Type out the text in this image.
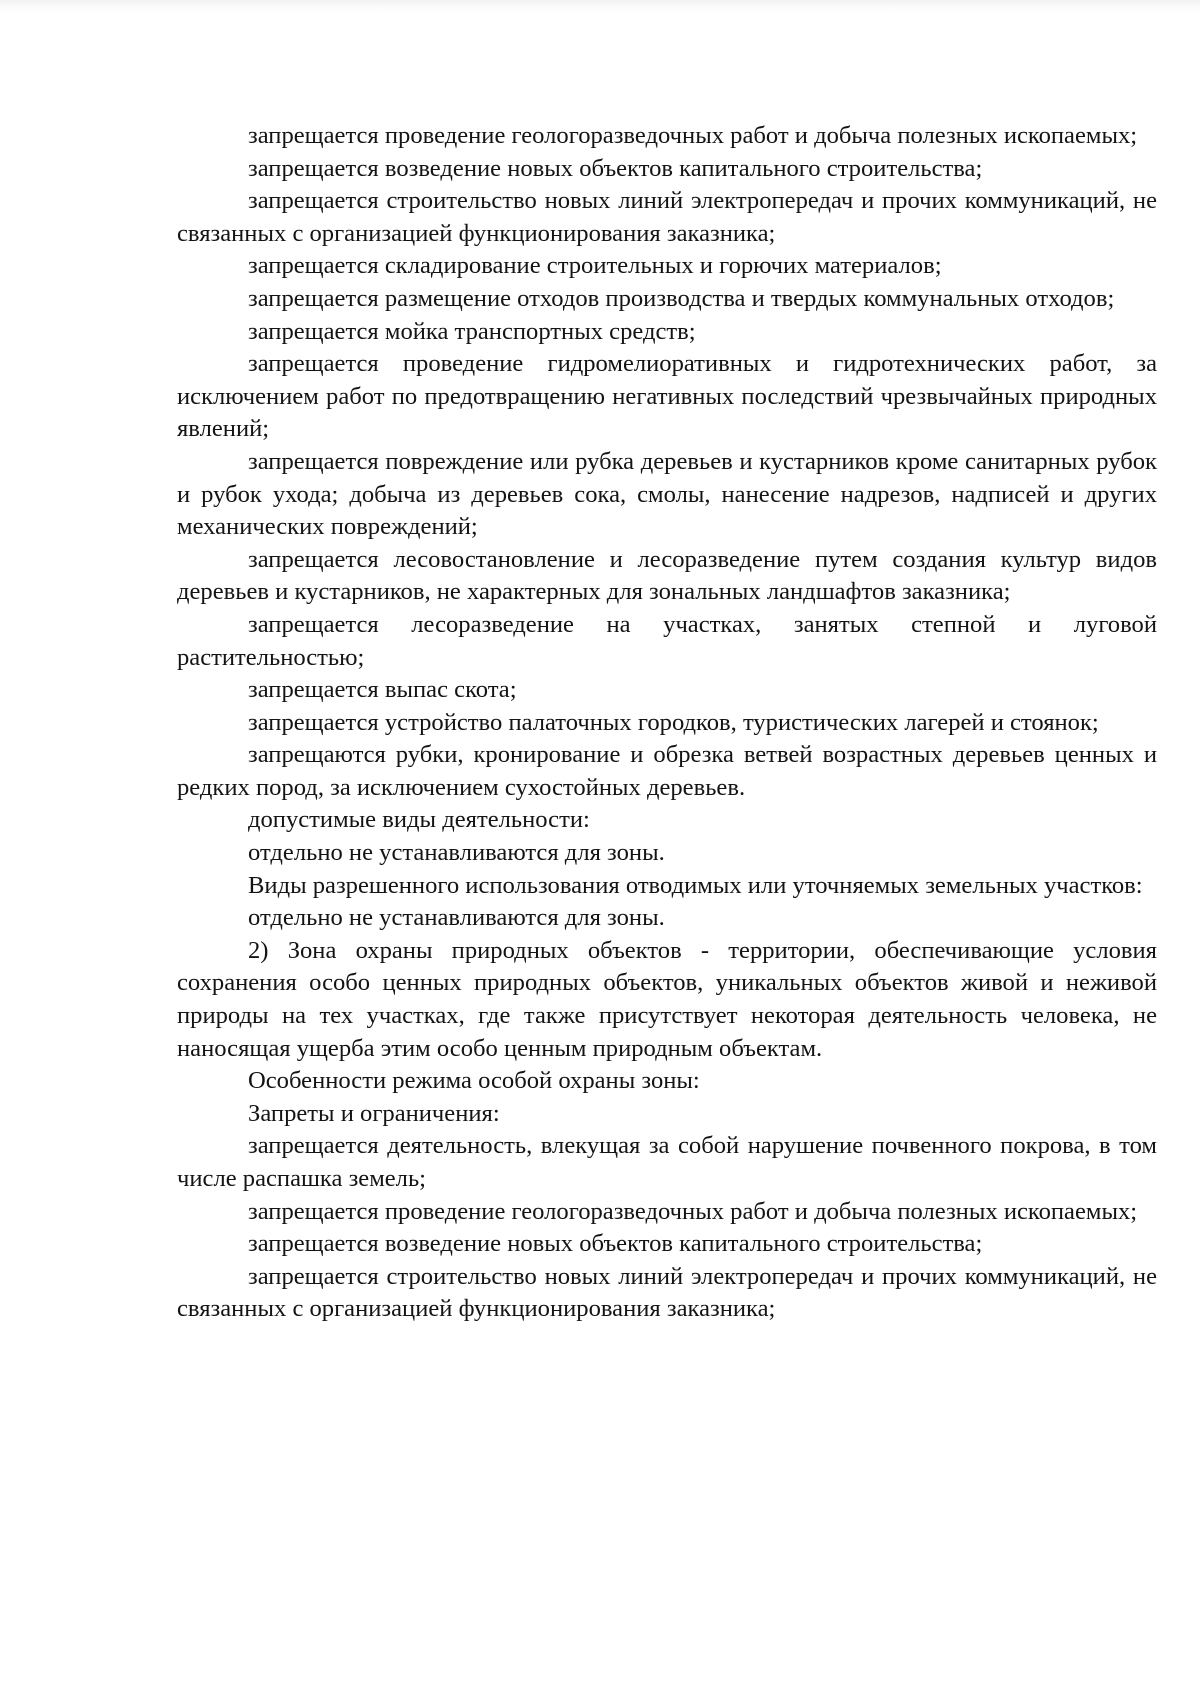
запрещается проведение геологоразведочных работ и добыча полезных ископаемых;

запрещается возведение новых объектов капитального строительства;

запрещается строительство новых линий электропередач и прочих коммуникаций, не связанных с организацией функционирования заказника;

запрещается складирование строительных и горючих материалов;

запрещается размещение отходов производства и твердых коммунальных отходов;

запрещается мойка транспортных средств;

запрещается проведение гидромелиоративных и гидротехнических работ, за исключением работ по предотвращению негативных последствий чрезвычайных природных явлений;

запрещается повреждение или рубка деревьев и кустарников кроме санитарных рубок и рубок ухода; добыча из деревьев сока, смолы, нанесение надрезов, надписей и других механических повреждений;

запрещается лесовостановление и лесоразведение путем создания культур видов деревьев и кустарников, не характерных для зональных ландшафтов заказника;

запрещается лесоразведение на участках, занятых степной и луговой растительностью;

запрещается выпас скота;

запрещается устройство палаточных городков, туристических лагерей и стоянок;

запрещаются рубки, кронирование и обрезка ветвей возрастных деревьев ценных и редких пород, за исключением сухостойных деревьев.

допустимые виды деятельности:

отдельно не устанавливаются для зоны.

Виды разрешенного использования отводимых или уточняемых земельных участков:

отдельно не устанавливаются для зоны.

2) Зона охраны природных объектов - территории, обеспечивающие условия сохранения особо ценных природных объектов, уникальных объектов живой и неживой природы на тех участках, где также присутствует некоторая деятельность человека, не наносящая ущерба этим особо ценным природным объектам.

Особенности режима особой охраны зоны:

Запреты и ограничения:

запрещается деятельность, влекущая за собой нарушение почвенного покрова, в том числе распашка земель;

запрещается проведение геологоразведочных работ и добыча полезных ископаемых;

запрещается возведение новых объектов капитального строительства;

запрещается строительство новых линий электропередач и прочих коммуникаций, не связанных с организацией функционирования заказника;
